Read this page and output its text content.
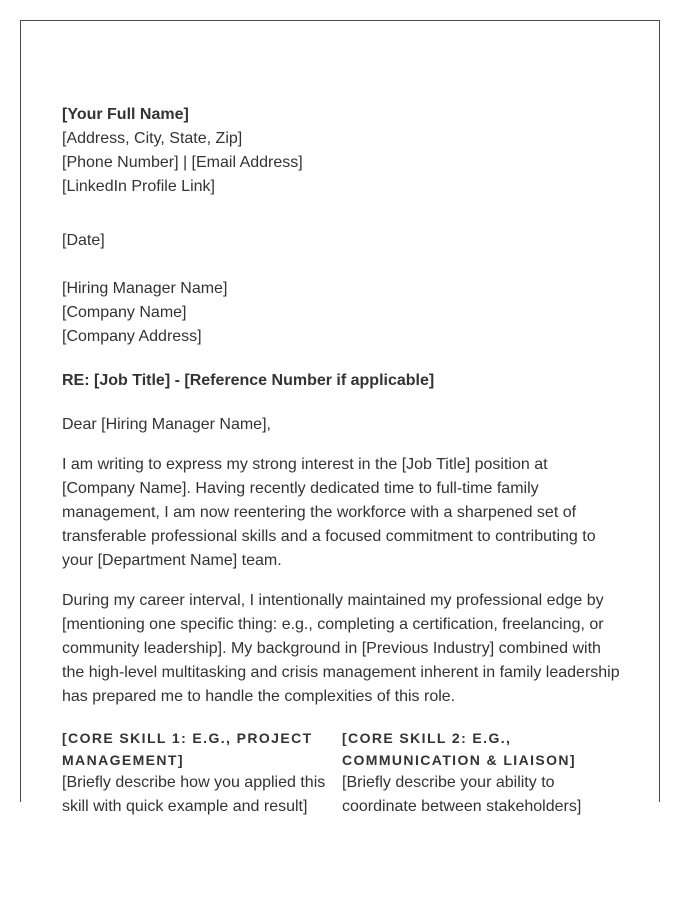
[Your Full Name]
[Address, City, State, Zip]
[Phone Number] | [Email Address]
[LinkedIn Profile Link]
[Date]
[Hiring Manager Name]
[Company Name]
[Company Address]
RE: [Job Title] - [Reference Number if applicable]
Dear [Hiring Manager Name],
I am writing to express my strong interest in the [Job Title] position at
[Company Name]. Having recently dedicated time to full-time family
management, I am now reentering the workforce with a sharpened set of
transferable professional skills and a focused commitment to contributing to
your [Department Name] team.
During my career interval, I intentionally maintained my professional edge by
[mentioning one specific thing: e.g., completing a certification, freelancing, or
community leadership]. My background in [Previous Industry] combined with
the high-level multitasking and crisis management inherent in family leadership
has prepared me to handle the complexities of this role.
[CORE SKILL 1: E.G., PROJECT
MANAGEMENT]
[Briefly describe how you applied this
skill with quick example and result]
[CORE SKILL 2: E.G.,
COMMUNICATION & LIAISON]
[Briefly describe your ability to
coordinate between stakeholders]
